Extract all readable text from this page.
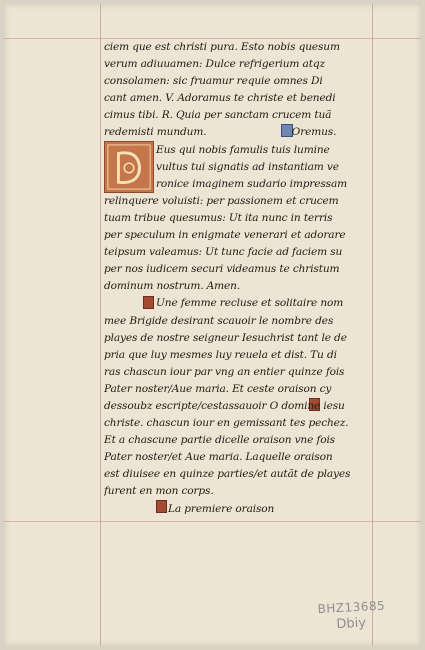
ciem que est christi pura. Esto nobis quesum
verum adiuuamen: Dulce refrigerium atqz
consolamen: sic fruamur requie omnes Di
cant amen. V. Adoramus te christe et benedi
cimus tibi. R. Quia per sanctam crucem tuã
redemisti mundum.	Oremus.
Eus qui nobis famulis tuis lumine
vultus tui signatis ad instantiam ve
ronice imaginem sudario impressam
relinquere voluisti: per passionem et crucem
tuam tribue quesumus: Ut ita nunc in terris
per speculum in enigmate venerari et adorare
teipsum valeamus: Ut tunc facie ad faciem su
per nos iudicem securi videamus te christum
dominum nostrum. Amen.
Une femme recluse et solitaire nom
mee Brigide desirant scauoir le nombre des
playes de nostre seigneur Iesuchrist tant le de
pria que luy mesmes luy reuela et dist. Tu di
ras chascun iour par vng an entier quinze fois
Pater noster/Aue maria. Et ceste oraison cy
dessoubz escripte/cestassauoir O domine iesu
christe. chascun iour en gemissant tes pechez.
Et a chascune partie dicelle oraison vne fois
Pater noster/et Aue maria. Laquelle oraison
est diuisee en quinze parties/et autãt de playes
furent en mon corps.
La premiere oraison
BHZ13685
Dbiy
